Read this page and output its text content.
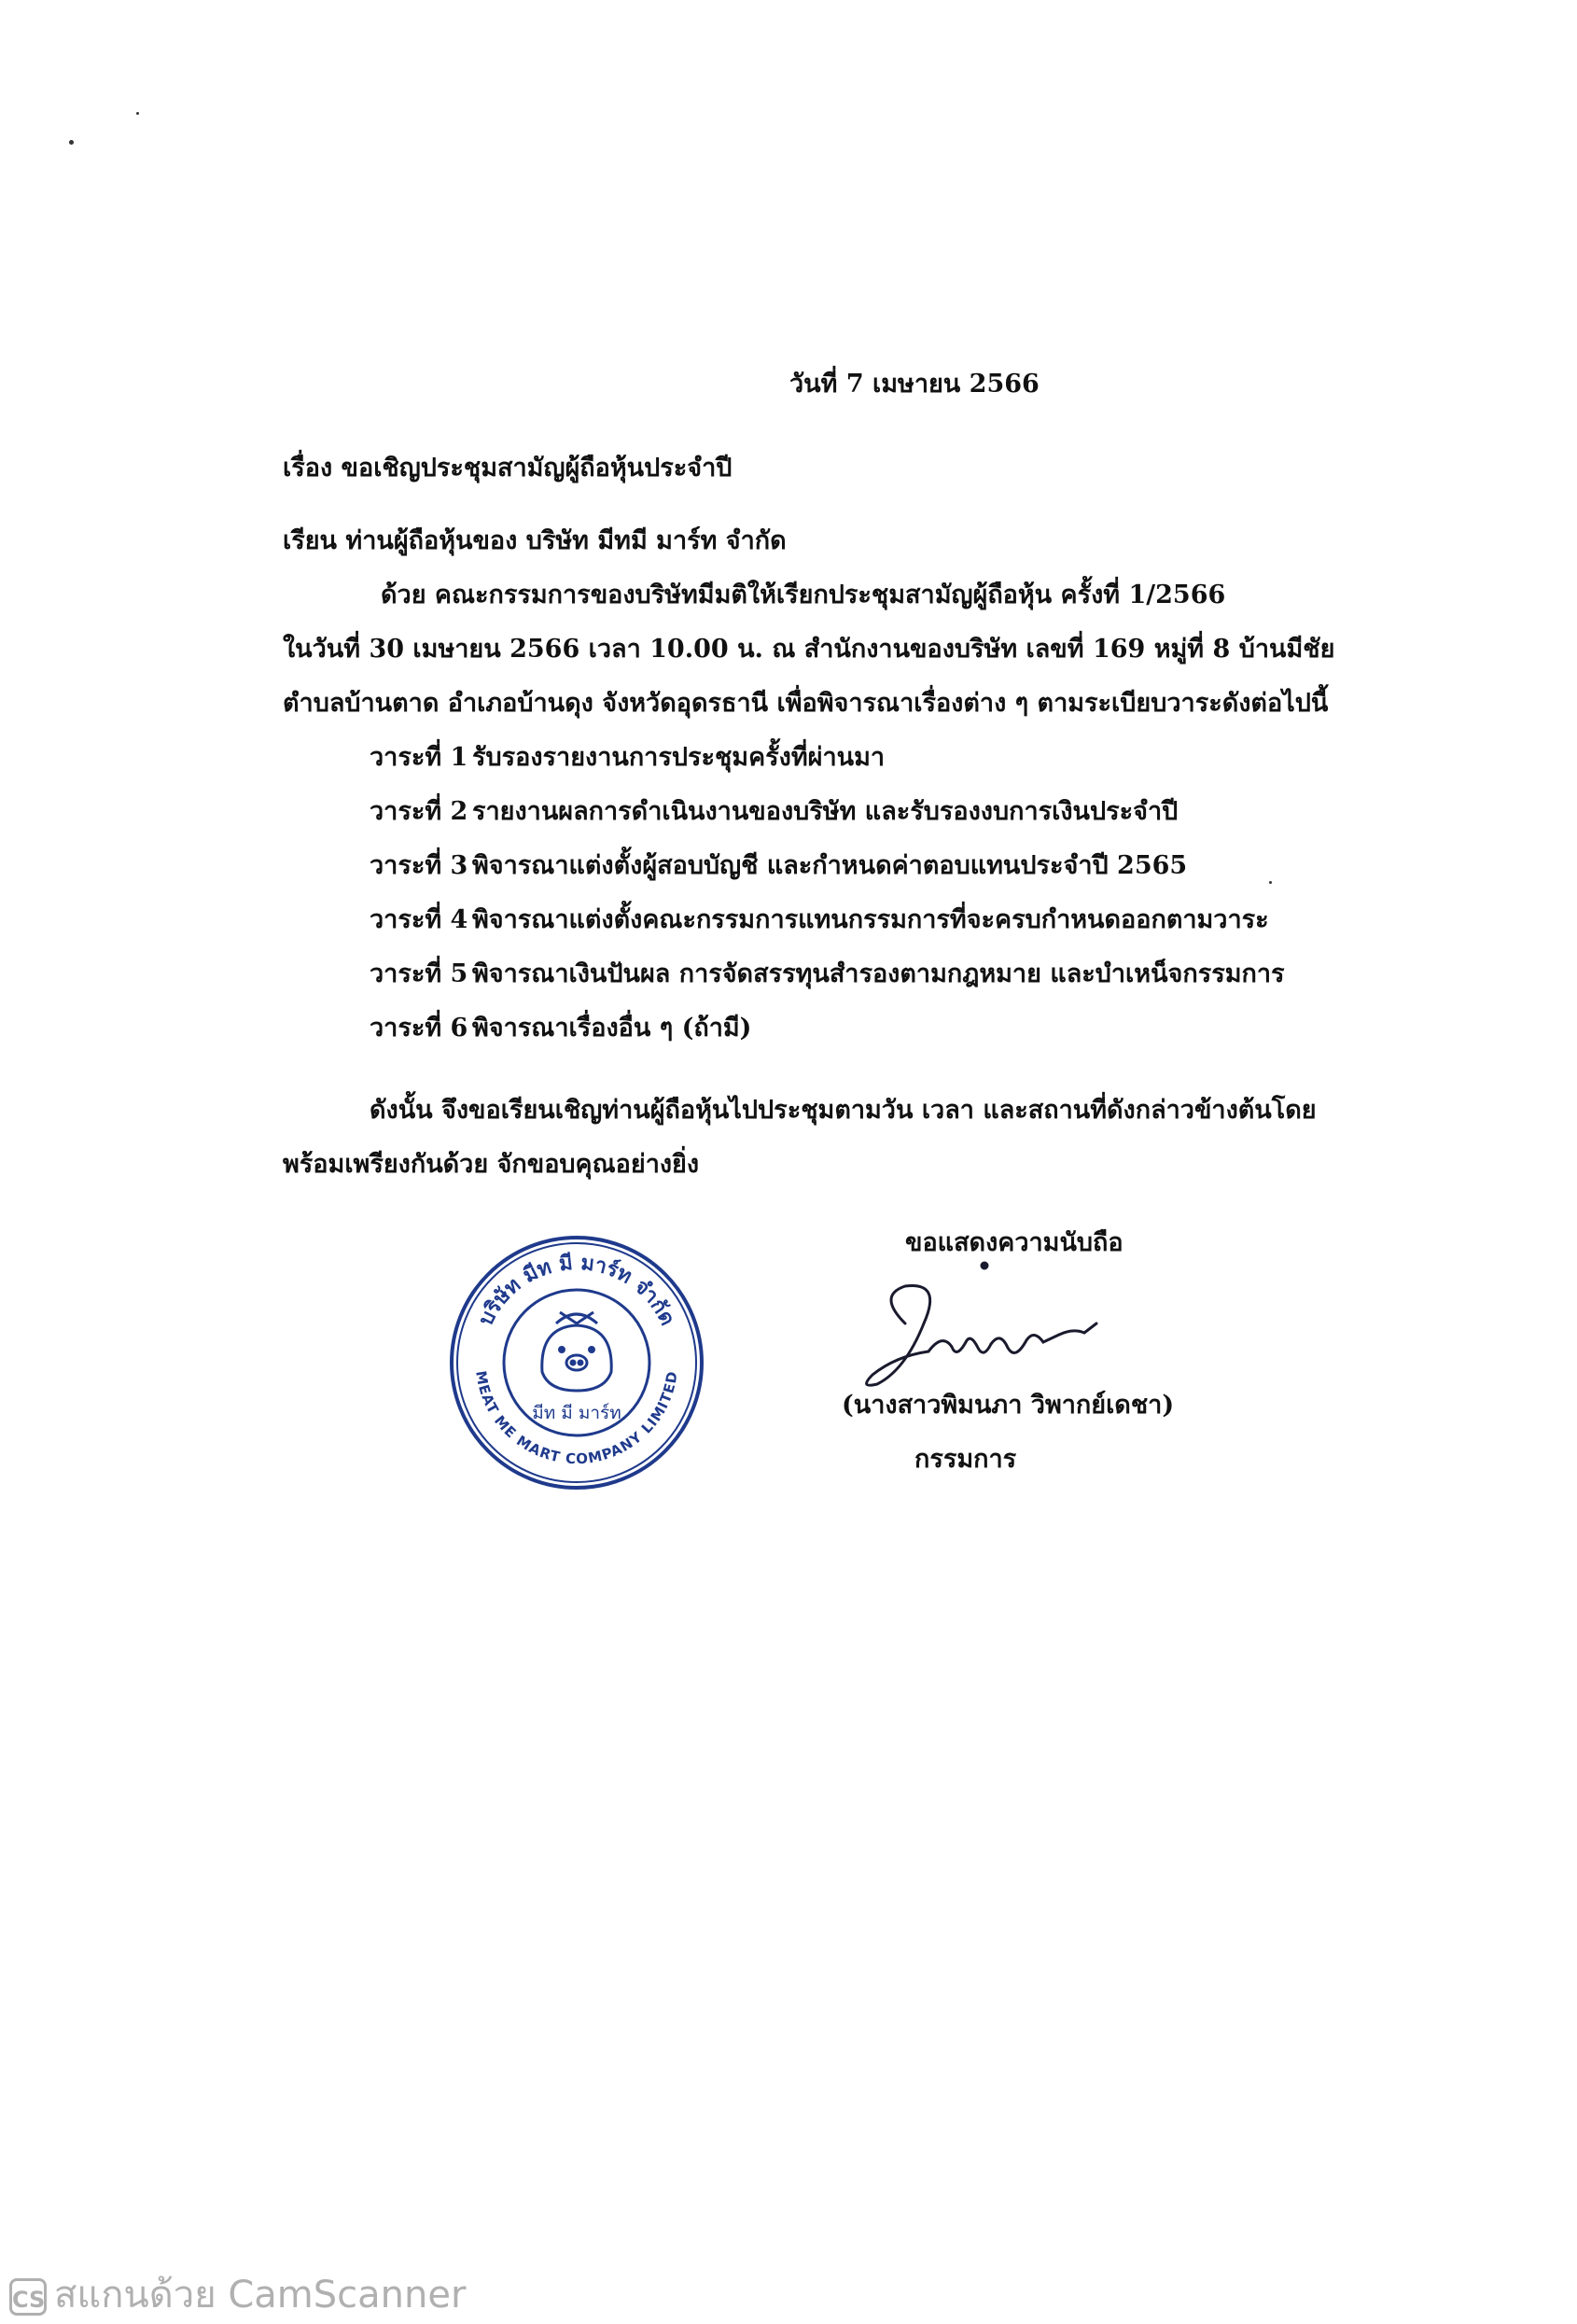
วันที่ 7 เมษายน 2566
เรื่อง ขอเชิญประชุมสามัญผู้ถือหุ้นประจำปี
เรียน ท่านผู้ถือหุ้นของ บริษัท มีทมี มาร์ท จำกัด
ด้วย คณะกรรมการของบริษัทมีมติให้เรียกประชุมสามัญผู้ถือหุ้น ครั้งที่ 1/2566
ในวันที่ 30 เมษายน 2566 เวลา 10.00 น. ณ สำนักงานของบริษัท เลขที่ 169 หมู่ที่ 8 บ้านมีชัย
ตำบลบ้านตาด อำเภอบ้านดุง จังหวัดอุดรธานี เพื่อพิจารณาเรื่องต่าง ๆ ตามระเบียบวาระดังต่อไปนี้
วาระที่ 1 รับรองรายงานการประชุมครั้งที่ผ่านมา
วาระที่ 2 รายงานผลการดำเนินงานของบริษัท และรับรองงบการเงินประจำปี
วาระที่ 3 พิจารณาแต่งตั้งผู้สอบบัญชี และกำหนดค่าตอบแทนประจำปี 2565
วาระที่ 4 พิจารณาแต่งตั้งคณะกรรมการแทนกรรมการที่จะครบกำหนดออกตามวาระ
วาระที่ 5 พิจารณาเงินปันผล การจัดสรรทุนสำรองตามกฎหมาย และบำเหน็จกรรมการ
วาระที่ 6 พิจารณาเรื่องอื่น ๆ (ถ้ามี)
ดังนั้น จึงขอเรียนเชิญท่านผู้ถือหุ้นไปประชุมตามวัน เวลา และสถานที่ดังกล่าวข้างต้นโดย
พร้อมเพรียงกันด้วย จักขอบคุณอย่างยิ่ง
ขอแสดงความนับถือ
บริษัท มีท มี มาร์ท จำกัด
MEAT ME MART COMPANY LIMITED
มีท มี มาร์ท	(นางสาวพิมนภา วิพากย์เดชา)
กรรมการ
CS สแกนด้วย CamScanner
